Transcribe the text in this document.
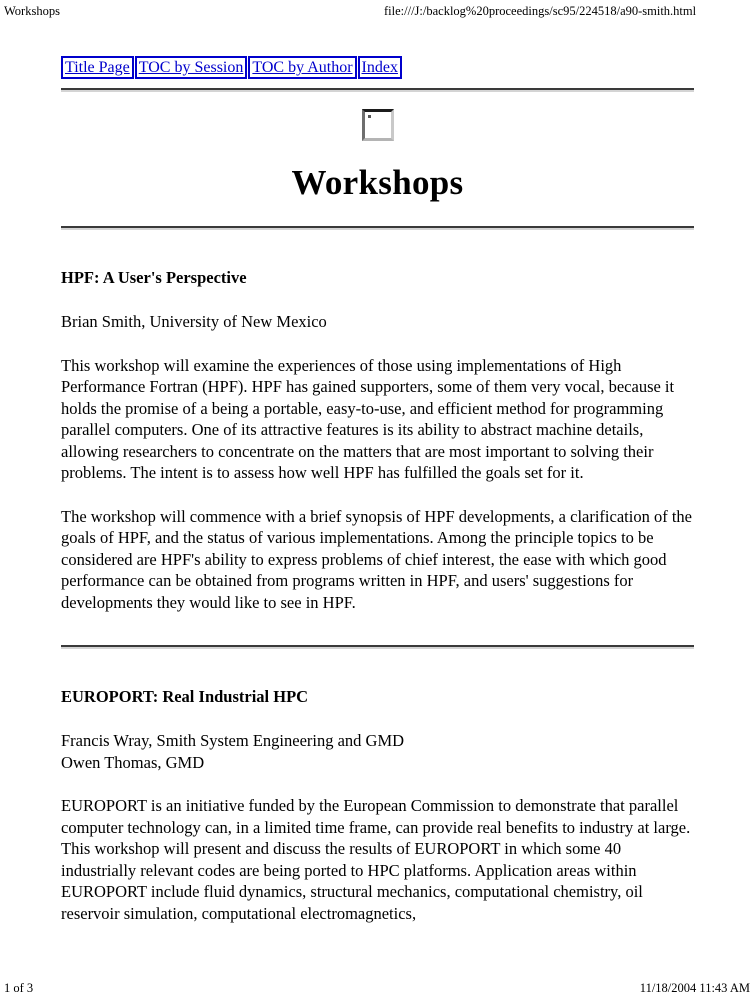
Workshops	file:///J:/backlog%20proceedings/sc95/224518/a90-smith.html
Title Page TOC by Session TOC by Author Index
Workshops
HPF: A User's Perspective

Brian Smith, University of New Mexico

This workshop will examine the experiences of those using implementations of High Performance Fortran (HPF). HPF has gained supporters, some of them very vocal, because it holds the promise of a being a portable, easy-to-use, and efficient method for programming parallel computers. One of its attractive features is its ability to abstract machine details, allowing researchers to concentrate on the matters that are most important to solving their problems. The intent is to assess how well HPF has fulfilled the goals set for it.

The workshop will commence with a brief synopsis of HPF developments, a clarification of the goals of HPF, and the status of various implementations. Among the principle topics to be considered are HPF's ability to express problems of chief interest, the ease with which good performance can be obtained from programs written in HPF, and users' suggestions for developments they would like to see in HPF.

EUROPORT: Real Industrial HPC

Francis Wray, Smith System Engineering and GMD
Owen Thomas, GMD

EUROPORT is an initiative funded by the European Commission to demonstrate that parallel computer technology can, in a limited time frame, can provide real benefits to industry at large. This workshop will present and discuss the results of EUROPORT in which some 40 industrially relevant codes are being ported to HPC platforms. Application areas within EUROPORT include fluid dynamics, structural mechanics, computational chemistry, oil reservoir simulation, computational electromagnetics,

1 of 3	11/18/2004 11:43 AM
